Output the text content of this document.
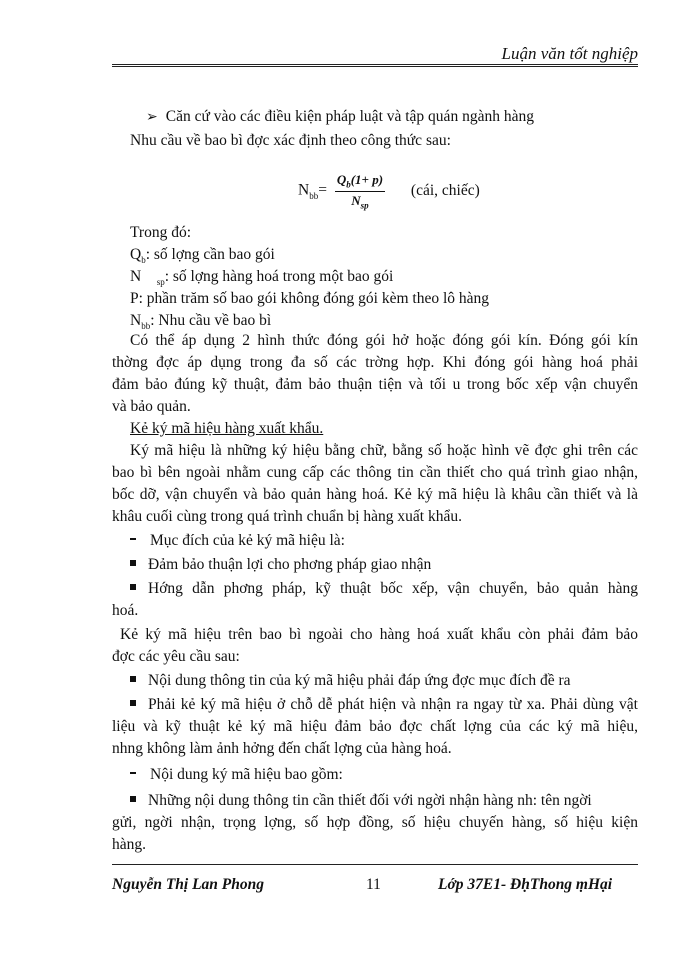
Luận văn tốt nghiệp
➢ Căn cứ vào các điều kiện pháp luật và tập quán ngành hàng
Nhu cầu về bao bì đợc xác định theo công thức sau:
$N_{bb}= \frac{Q_b(1+ p)}{N_{sp}}$ (cái, chiếc)
Trong đó:
$Q_b$: số lợng cần bao gói
N $_{sp}$: số lợng hàng hoá trong một bao gói
P: phần trăm số bao gói không đóng gói kèm theo lô hàng
$N_{bb}$: Nhu cầu về bao bì
Có thể áp dụng 2 hình thức đóng gói hở hoặc đóng gói kín. Đóng gói kín
thờng đợc áp dụng trong đa số các trờng hợp. Khi đóng gói hàng hoá phải
đảm bảo đúng kỹ thuật, đảm bảo thuận tiện và tối u trong bốc xếp vận chuyển
và bảo quản.
Kẻ ký mã hiệu hàng xuất khẩu.
Ký mã hiệu là những ký hiệu bằng chữ, bằng số hoặc hình vẽ đợc ghi trên các
bao bì bên ngoài nhằm cung cấp các thông tin cần thiết cho quá trình giao nhận,
bốc dỡ, vận chuyển và bảo quản hàng hoá. Kẻ ký mã hiệu là khâu cần thiết và là
khâu cuối cùng trong quá trình chuẩn bị hàng xuất khẩu.
Mục đích của kẻ ký mã hiệu là:
Đảm bảo thuận lợi cho phơng pháp giao nhận
Hớng dẫn phơng pháp, kỹ thuật bốc xếp, vận chuyển, bảo quản hàng
hoá.
Kẻ ký mã hiệu trên bao bì ngoài cho hàng hoá xuất khẩu còn phải đảm bảo
đợc các yêu cầu sau:
Nội dung thông tin của ký mã hiệu phải đáp ứng đợc mục đích đề ra
Phải kẻ ký mã hiệu ở chỗ dễ phát hiện và nhận ra ngay từ xa. Phải dùng vật
liệu và kỹ thuật kẻ ký mã hiệu đảm bảo đợc chất lợng của các ký mã hiệu,
nhng không làm ảnh hởng đến chất lợng của hàng hoá.
Nội dung ký mã hiệu bao gồm:
Những nội dung thông tin cần thiết đối với ngời nhận hàng nh: tên ngời
gửi, ngời nhận, trọng lợng, số hợp đồng, số hiệu chuyến hàng, số hiệu kiện
hàng.
Nguyễn Thị Lan Phong	11	Lớp 37E1- ĐḥThong ṃHại
